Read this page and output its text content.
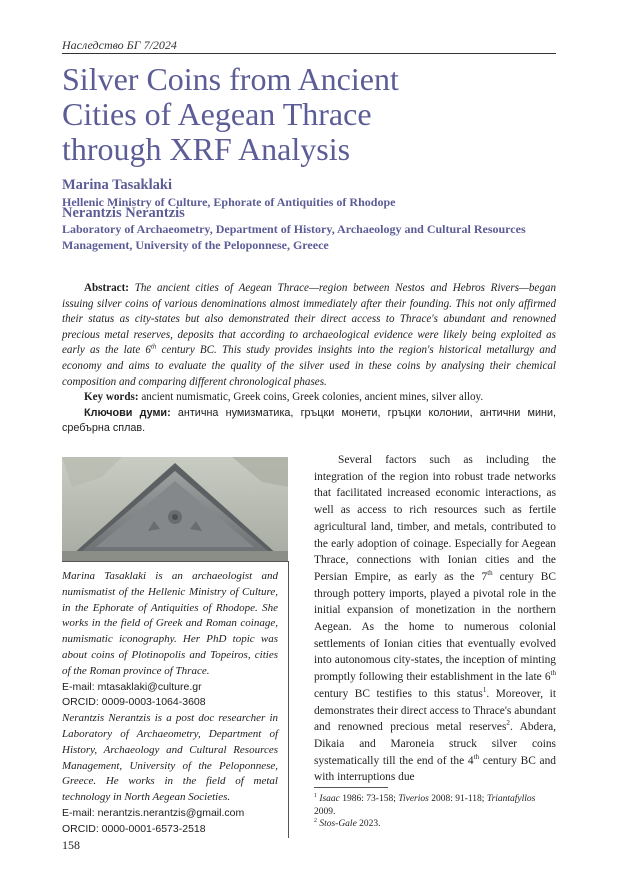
Наследство БГ 7/2024
Silver Coins from Ancient
Cities of Aegean Thrace
through XRF Analysis
Marina Tasaklaki
Hellenic Ministry of Culture, Ephorate of Antiquities of Rhodope
Nerantzis Nerantzis
Laboratory of Archaeometry, Department of History, Archaeology and Cultural Resources Management, University of the Peloponnese, Greece

Abstract: The ancient cities of Aegean Thrace—region between Nestos and Hebros Rivers—began issuing silver coins of various denominations almost immediately after their founding. This not only affirmed their status as city-states but also demonstrated their direct access to Thrace's abundant and renowned precious metal reserves, deposits that according to archaeological evidence were likely being exploited as early as the late 6th century BC. This study provides insights into the region's historical metallurgy and economy and aims to evaluate the quality of the silver used in these coins by analysing their chemical composition and comparing different chronological phases.

Key words: ancient numismatic, Greek coins, Greek colonies, ancient mines, silver alloy.

Ключови думи: антична нумизматика, гръцки монети, гръцки колонии, антични мини, сребърна сплав.

Marina Tasaklaki is an archaeologist and numismatist of the Hellenic Ministry of Culture, in the Ephorate of Antiquities of Rhodope. She works in the field of Greek and Roman coinage, numismatic iconography. Her PhD topic was about coins of Plotinopolis and Topeiros, cities of the Roman province of Thrace.
E-mail: mtasaklaki@culture.gr
ORCID: 0009-0003-1064-3608
Nerantzis Nerantzis is a post doc researcher in Laboratory of Archaeometry, Department of History, Archaeology and Cultural Resources Management, University of the Peloponnese, Greece. He works in the field of metal technology in North Aegean Societies.
E-mail: nerantzis.nerantzis@gmail.com
ORCID: 0000-0001-6573-2518

Several factors such as including the integration of the region into robust trade networks that facilitated increased economic interactions, as well as access to rich resources such as fertile agricultural land, timber, and metals, contributed to the early adoption of coinage. Especially for Aegean Thrace, connections with Ionian cities and the Persian Empire, as early as the 7th century BC through pottery imports, played a pivotal role in the initial expansion of monetization in the northern Aegean. As the home to numerous colonial settlements of Ionian cities that eventually evolved into autonomous city-states, the inception of minting promptly following their establishment in the late 6th century BC testifies to this status$^1$. Moreover, it demonstrates their direct access to Thrace's abundant and renowned precious metal reserves$^2$. Abdera, Dikaia and Maroneia struck silver coins systematically till the end of the 4th century BC and with interruptions due

$^1$ Isaac 1986: 73-158; Tiverios 2008: 91-118; Triantafyllos 2009.
$^2$ Stos-Gale 2023.
158
